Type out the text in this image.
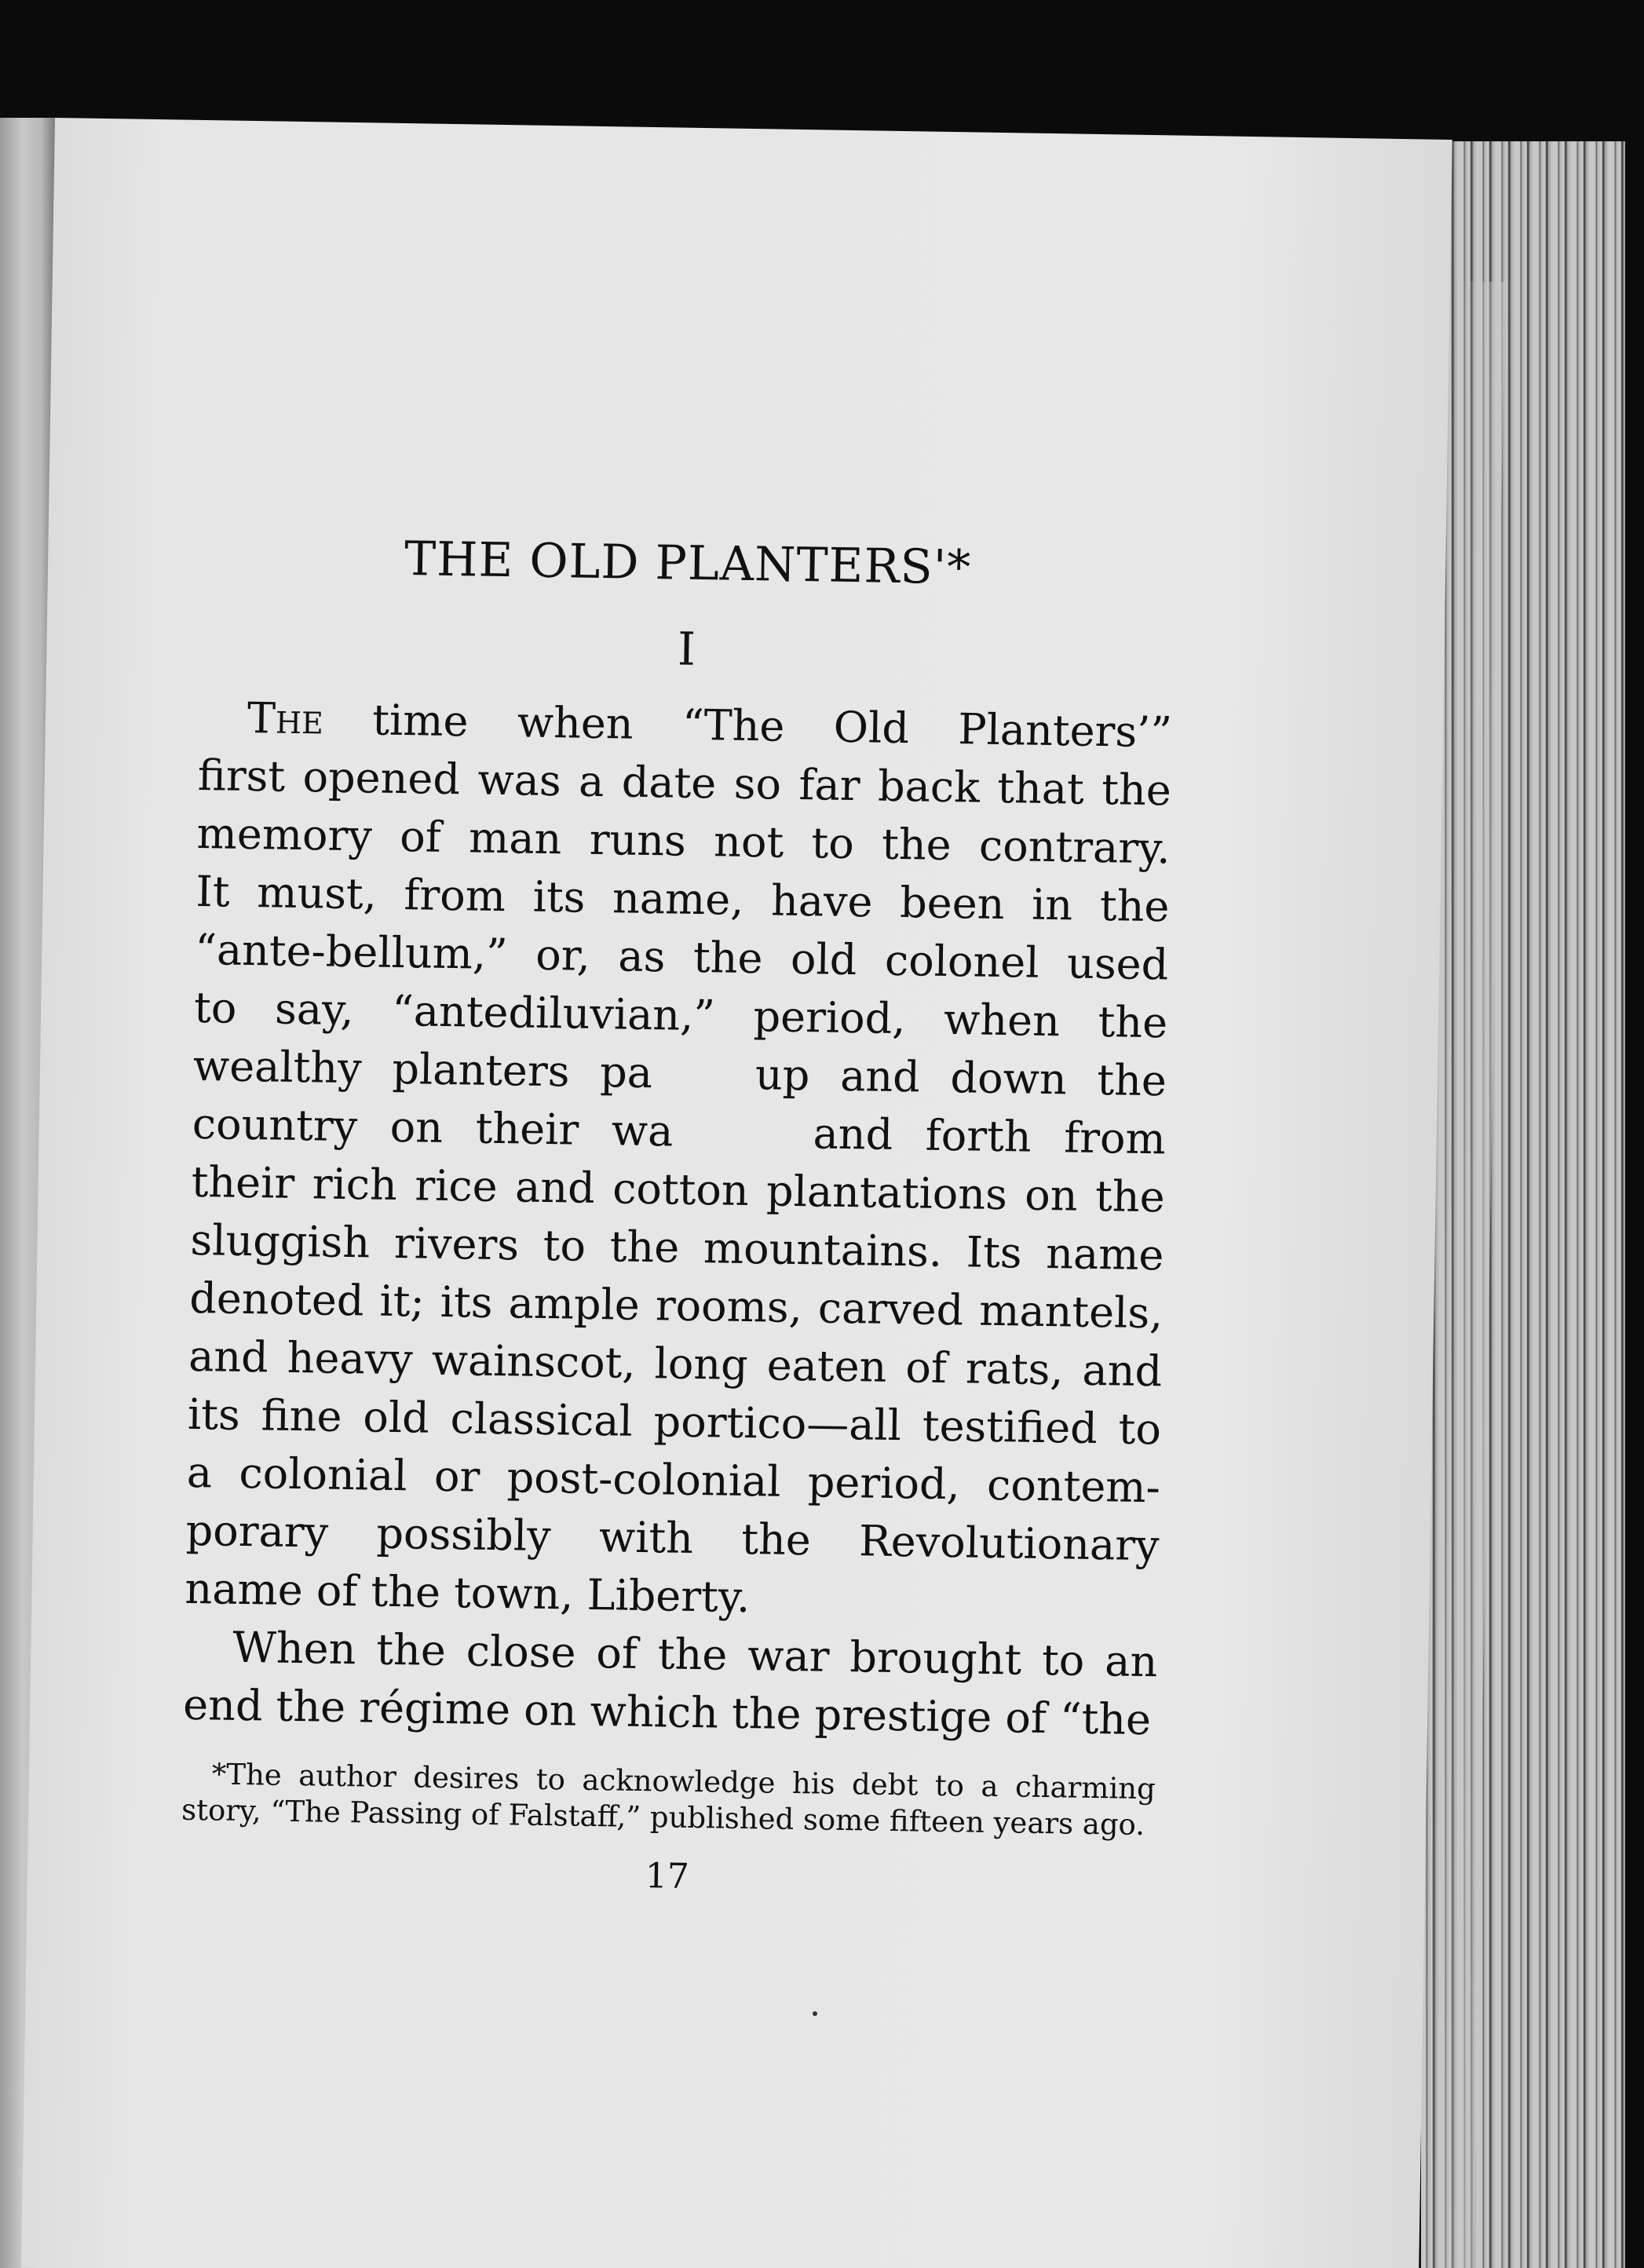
THE OLD PLANTERS'*
I
The time when “The Old Planters’”
first opened was a date so far back that the
memory of man runs not to the contrary.
It must, from its name, have been in the
“ante-bellum,” or, as the old colonel used
to say, “antediluvian,” period, when the
wealthy planters pa     up and down the
country on their wa      and forth from
their rich rice and cotton plantations on the
sluggish rivers to the mountains. Its name
denoted it; its ample rooms, carved mantels,
and heavy wainscot, long eaten of rats, and
its fine old classical portico—all testified to
a colonial or post-colonial period, contem-
porary possibly with the Revolutionary
name of the town, Liberty.
When the close of the war brought to an
end the régime on which the prestige of “the
*The author desires to acknowledge his debt to a charming
story, “The Passing of Falstaff,” published some fifteen years ago.
17
